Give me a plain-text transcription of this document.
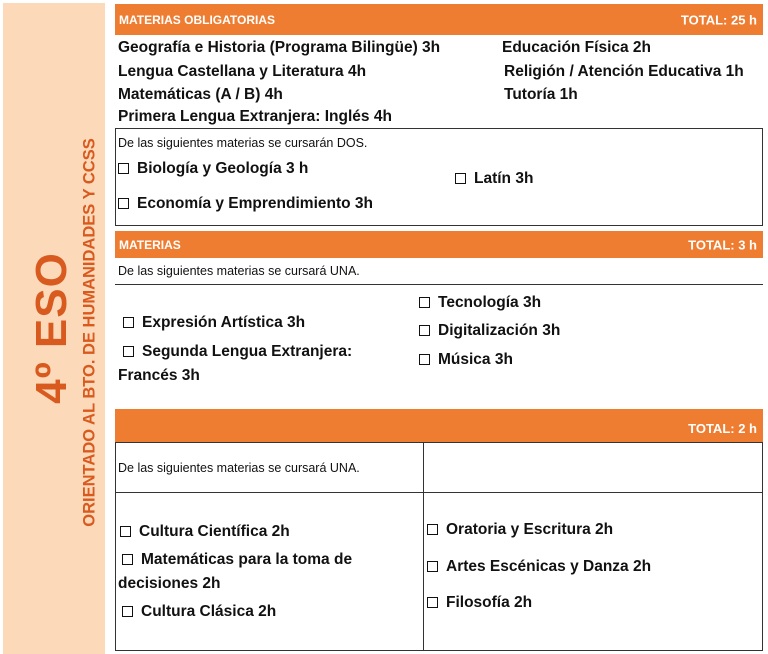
4º ESO ORIENTADO AL BTO. DE HUMANIDADES Y CCSS
MATERIAS OBLIGATORIAS	TOTAL: 25 h
Geografía e Historia (Programa Bilingüe) 3h
Lengua Castellana y Literatura 4h
Matemáticas (A / B) 4h
Primera Lengua Extranjera: Inglés 4h
Educación Física 2h
Religión / Atención Educativa 1h
Tutoría 1h
De las siguientes materias se cursarán DOS.
Biología y Geología 3 h
Economía y Emprendimiento 3h
Latín 3h
MATERIAS	TOTAL: 3 h
De las siguientes materias se cursará UNA.
Expresión Artística 3h
Segunda Lengua Extranjera:
Francés 3h
Tecnología 3h
Digitalización 3h
Música 3h
TOTAL: 2 h
De las siguientes materias se cursará UNA.
Cultura Científica 2h
Matemáticas para la toma de
decisiones 2h
Cultura Clásica 2h
Oratoria y Escritura 2h
Artes Escénicas y Danza 2h
Filosofía 2h
